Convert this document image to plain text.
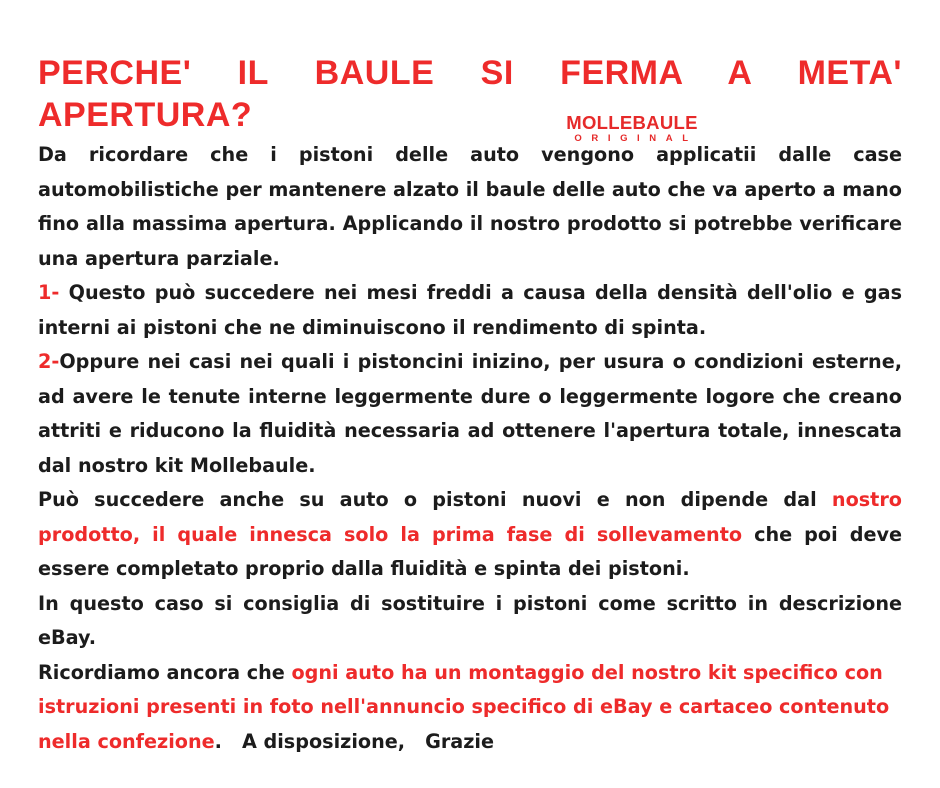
PERCHE' IL BAULE SI FERMA A META' APERTURA?

Da ricordare che i pistoni delle auto vengono applicatii dalle case automobilistiche per mantenere alzato il baule delle auto che va aperto a mano fino alla massima apertura. Applicando il nostro prodotto si potrebbe verificare una apertura parziale.

1- Questo può succedere nei mesi freddi a causa della densità dell'olio e gas interni ai pistoni che ne diminuiscono il rendimento di spinta.

2-Oppure nei casi nei quali i pistoncini inizino, per usura o condizioni esterne, ad avere le tenute interne leggermente dure o leggermente logore che creano attriti e riducono la fluidità necessaria ad ottenere l'apertura totale, innescata dal nostro kit Mollebaule.

Può succedere anche su auto o pistoni nuovi e non dipende dal nostro prodotto, il quale innesca solo la prima fase di sollevamento che poi deve essere completato proprio dalla fluidità e spinta dei pistoni.

In questo caso si consiglia di sostituire i pistoni come scritto in descrizione eBay.

Ricordiamo ancora che ogni auto ha un montaggio del nostro kit specifico con istruzioni presenti in foto nell'annuncio specifico di eBay e cartaceo contenuto nella confezione.   A disposizione,   Grazie

MOLLEBAULE
ORIGINAL
